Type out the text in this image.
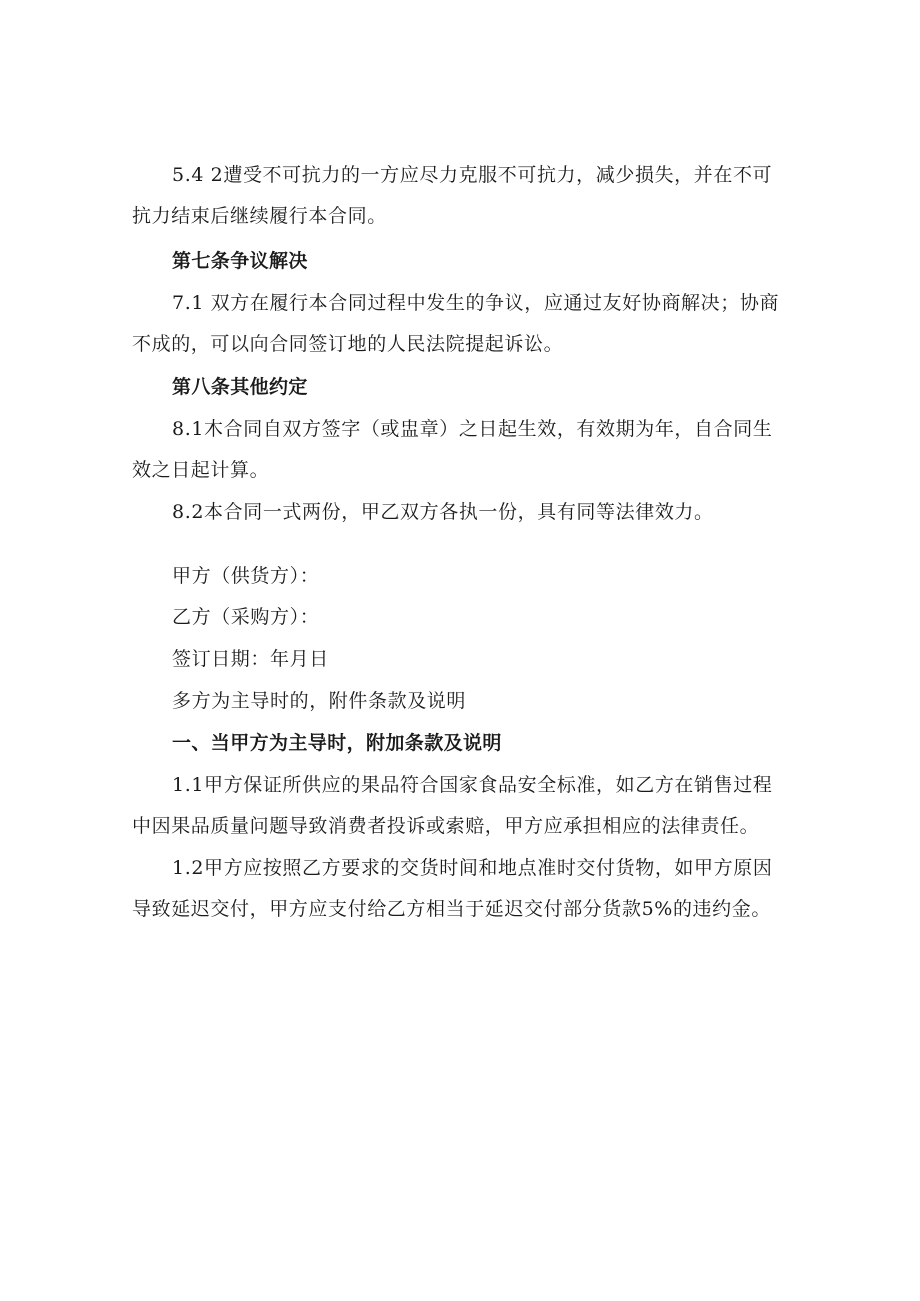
5.4 2遭受不可抗力的一方应尽力克服不可抗力，减少损失，并在不可
抗力结束后继续履行本合同。
第七条争议解决
7.1 双方在履行本合同过程中发生的争议，应通过友好协商解决；协商
不成的，可以向合同签订地的人民法院提起诉讼。
第八条其他约定
8.1木合同自双方签字（或盅章）之日起生效，有效期为年，自合同生
效之日起计算。
8.2本合同一式两份，甲乙双方各执一份，具有同等法律效力。
甲方（供货方）：
乙方（采购方）：
签订日期：年月日
多方为主导时的，附件条款及说明
一、当甲方为主导时，附加条款及说明
1.1甲方保证所供应的果品符合国家食品安全标准，如乙方在销售过程
中因果品质量问题导致消费者投诉或索赔，甲方应承担相应的法律责任。
1.2甲方应按照乙方要求的交货时间和地点准时交付货物，如甲方原因
导致延迟交付，甲方应支付给乙方相当于延迟交付部分货款5%的违约金。
